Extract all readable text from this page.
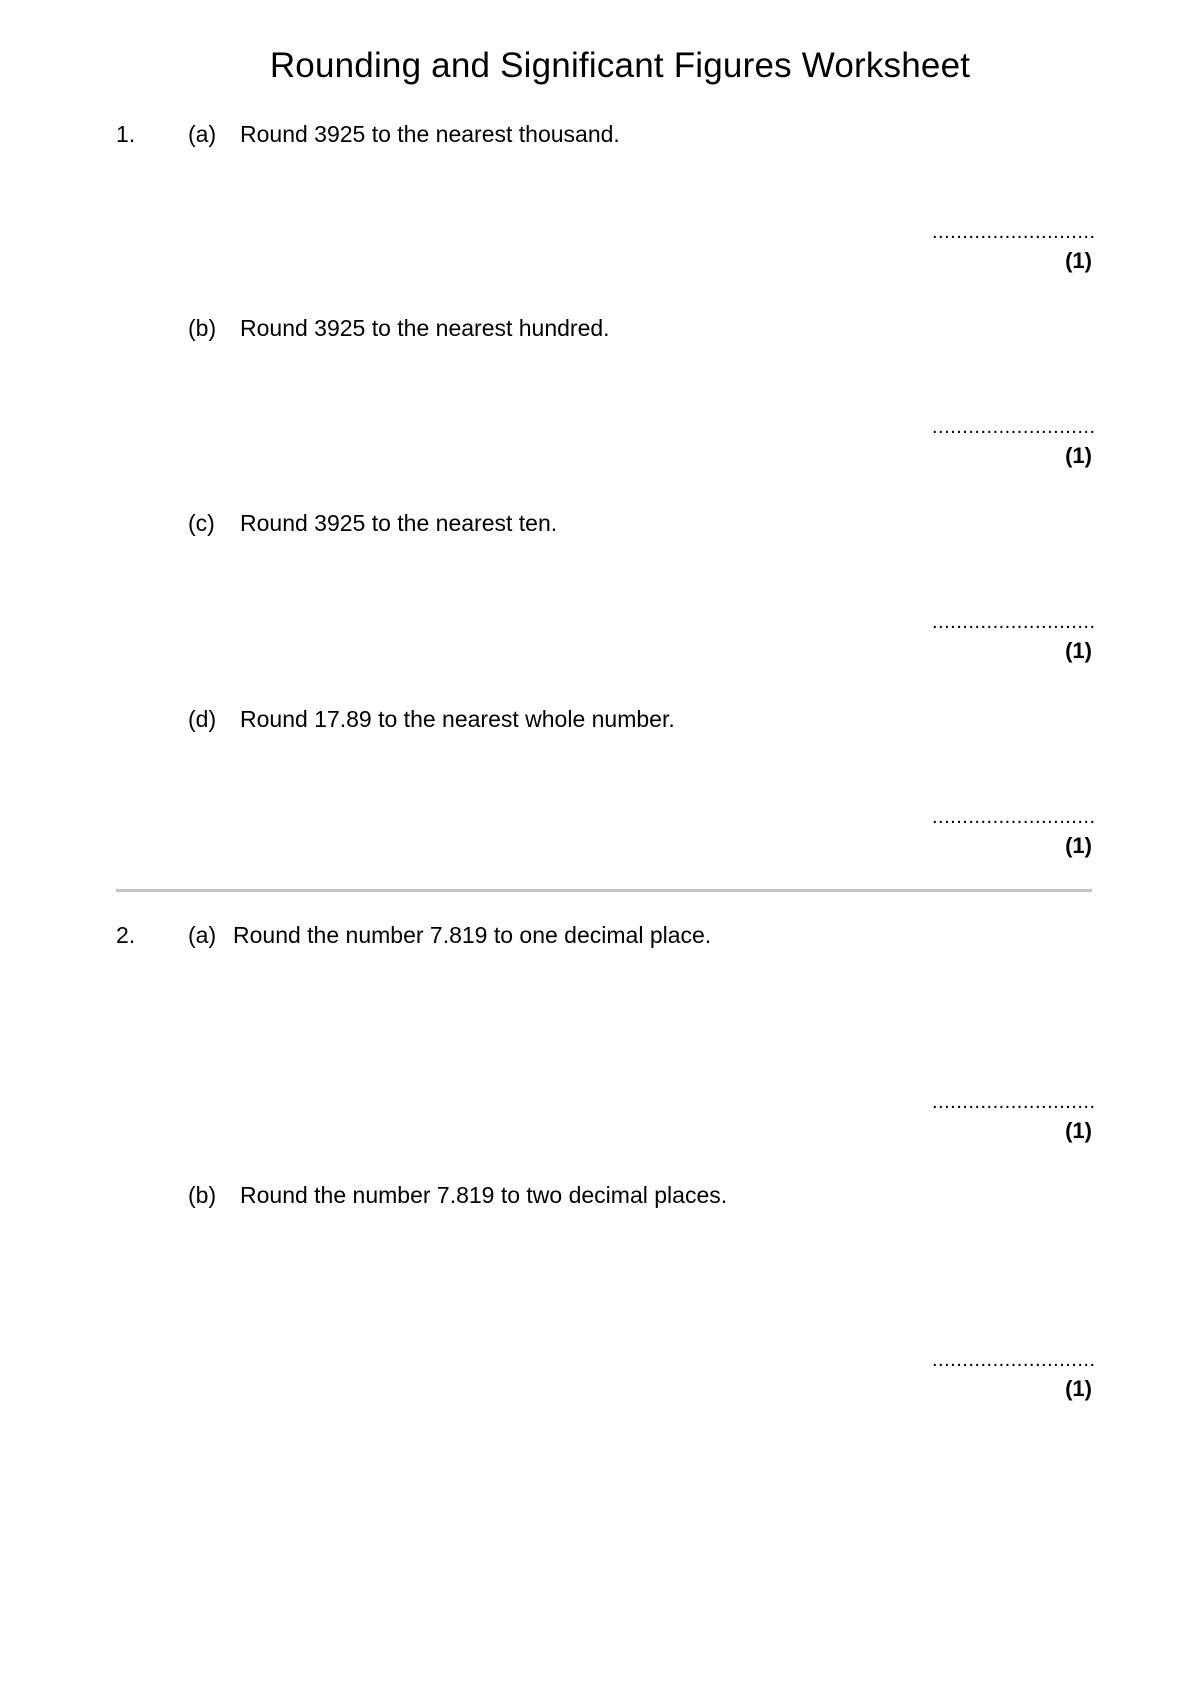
Rounding and Significant Figures Worksheet
1. (a) Round 3925 to the nearest thousand.
...........................
(1)
(b) Round 3925 to the nearest hundred.
...........................
(1)
(c) Round 3925 to the nearest ten.
...........................
(1)
(d) Round 17.89 to the nearest whole number.
...........................
(1)
2. (a) Round the number 7.819 to one decimal place.
...........................
(1)
(b) Round the number 7.819 to two decimal places.
...........................
(1)
